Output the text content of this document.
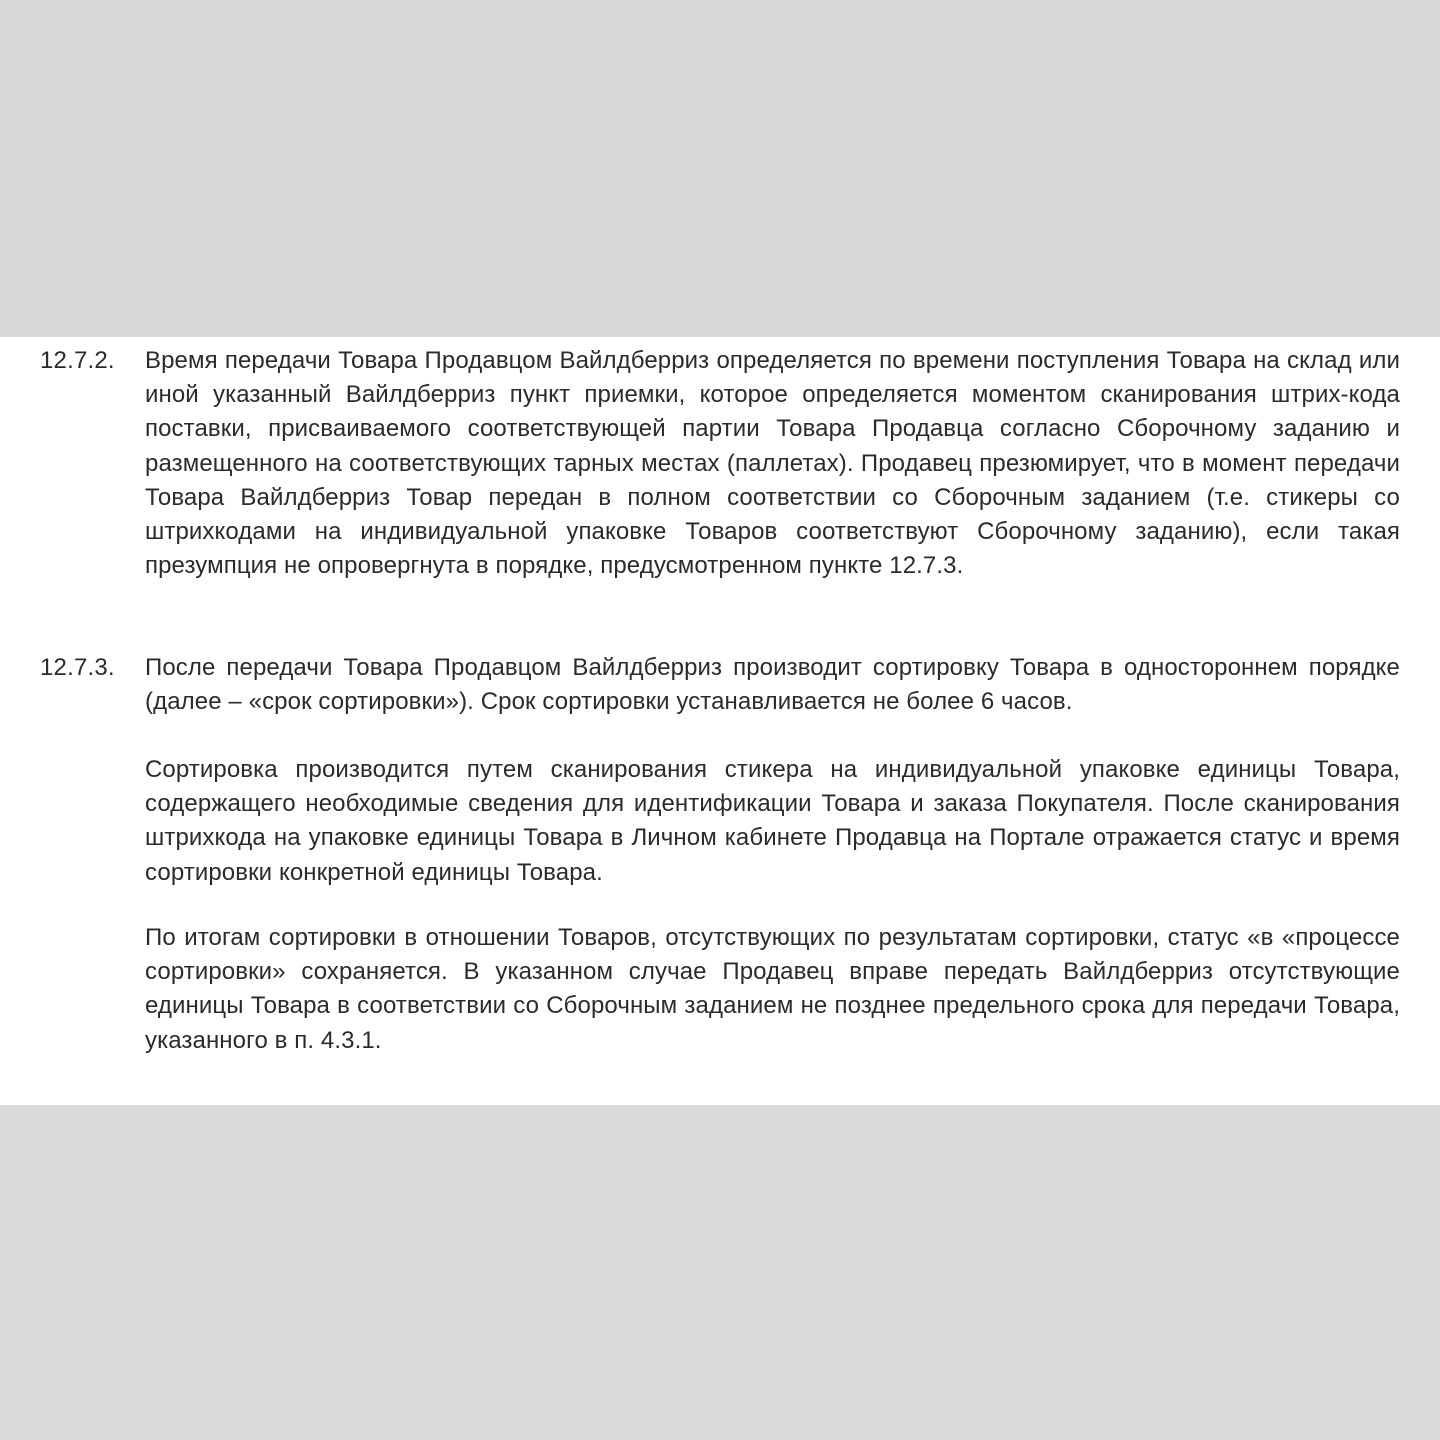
12.7.2. Время передачи Товара Продавцом Вайлдберриз определяется по времени поступления Товара на склад или иной указанный Вайлдберриз пункт приемки, которое определяется моментом сканирования штрих-кода поставки, присваиваемого соответствующей партии Товара Продавца согласно Сборочному заданию и размещенного на соответствующих тарных местах (паллетах). Продавец презюмирует, что в момент передачи Товара Вайлдберриз Товар передан в полном соответствии со Сборочным заданием (т.е. стикеры со штрихкодами на индивидуальной упаковке Товаров соответствуют Сборочному заданию), если такая презумпция не опровергнута в порядке, предусмотренном пункте 12.7.3.
12.7.3. После передачи Товара Продавцом Вайлдберриз производит сортировку Товара в одностороннем порядке (далее – «срок сортировки»). Срок сортировки устанавливается не более 6 часов.
Сортировка производится путем сканирования стикера на индивидуальной упаковке единицы Товара, содержащего необходимые сведения для идентификации Товара и заказа Покупателя. После сканирования штрихкода на упаковке единицы Товара в Личном кабинете Продавца на Портале отражается статус и время сортировки конкретной единицы Товара.
По итогам сортировки в отношении Товаров, отсутствующих по результатам сортировки, статус «в «процессе сортировки» сохраняется. В указанном случае Продавец вправе передать Вайлдберриз отсутствующие единицы Товара в соответствии со Сборочным заданием не позднее предельного срока для передачи Товара, указанного в п. 4.3.1.
